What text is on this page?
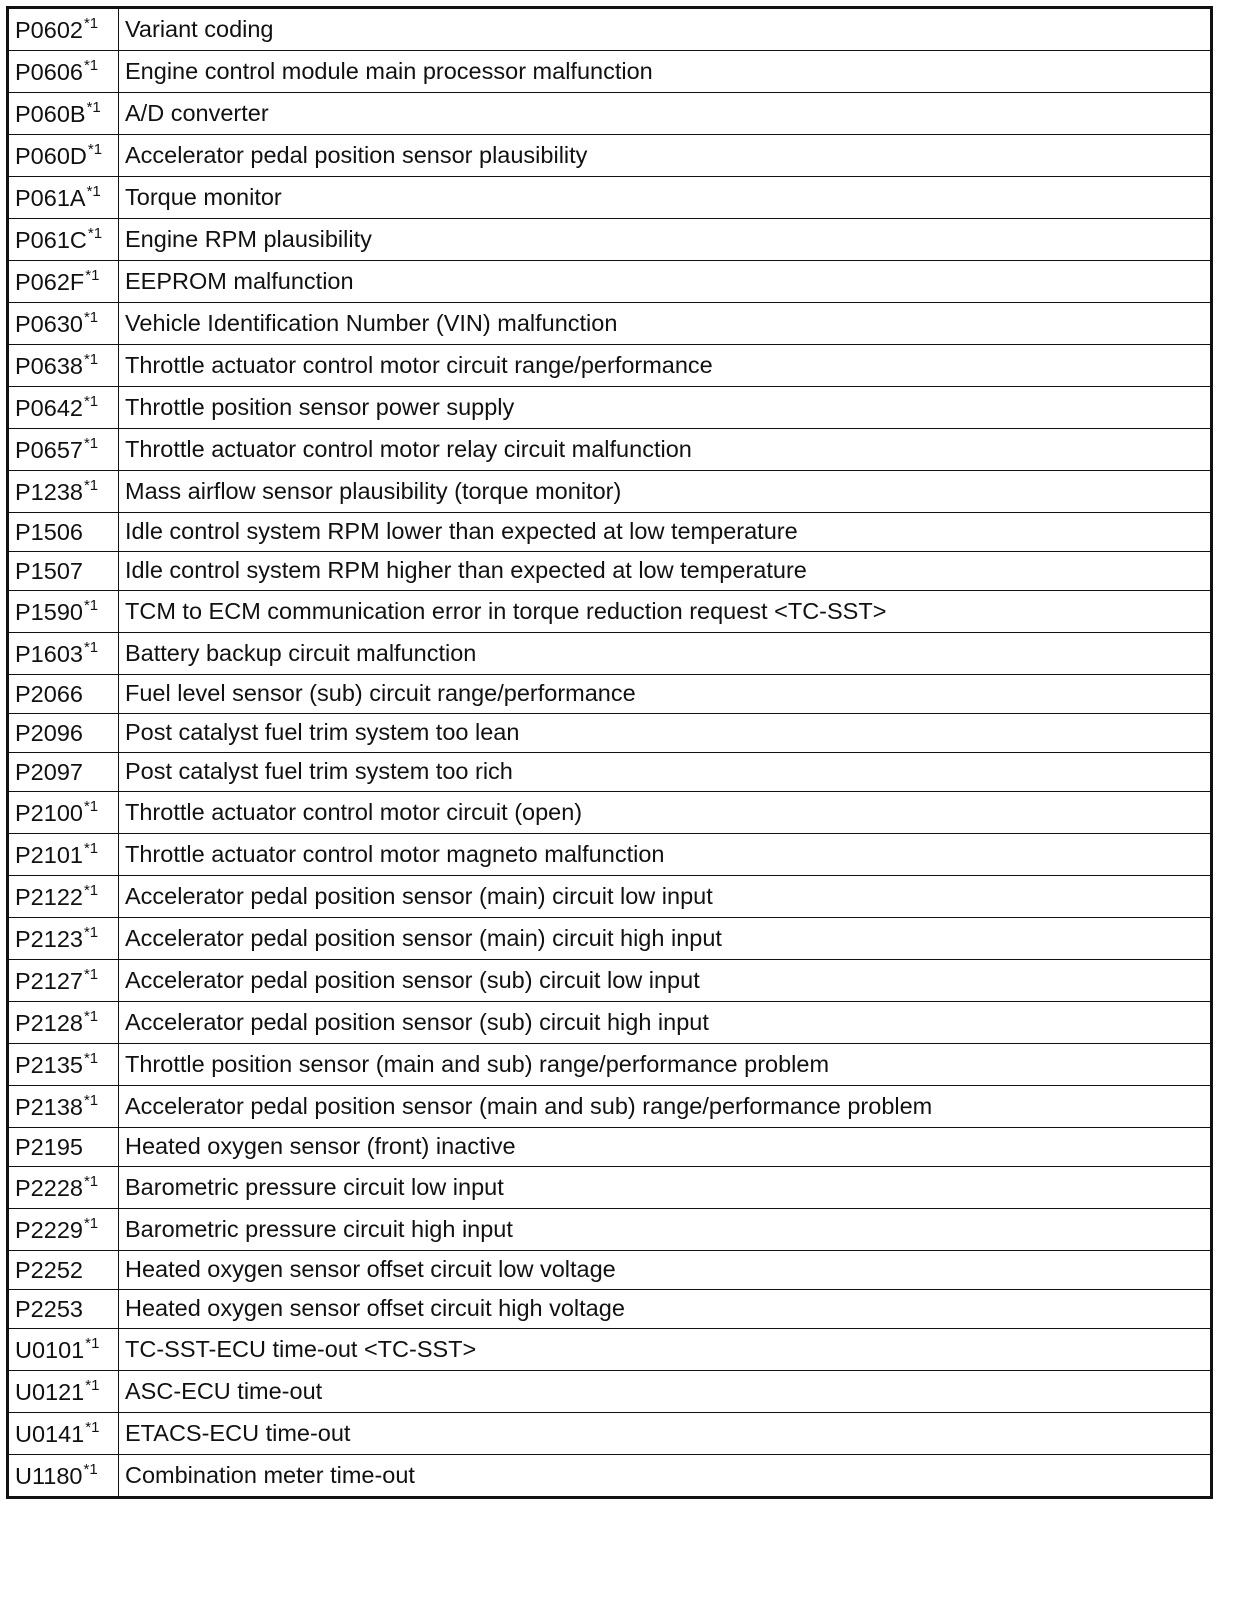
P0602$^{*1}$	Variant coding
P0606$^{*1}$	Engine control module main processor malfunction
$P060B^{*1}$	A/D converter
$P060D^{*1}$	Accelerator pedal position sensor plausibility
$P061A^{*1}$	Torque monitor
$P061C^{*1}$	Engine RPM plausibility
$P062F^{*1}$	EEPROM malfunction
P0630$^{*1}$	Vehicle Identification Number (VIN) malfunction
P0638$^{*1}$	Throttle actuator control motor circuit range/performance
P0642$^{*1}$	Throttle position sensor power supply
P0657$^{*1}$	Throttle actuator control motor relay circuit malfunction
P1238$^{*1}$	Mass airflow sensor plausibility (torque monitor)
P1506	Idle control system RPM lower than expected at low temperature
P1507	Idle control system RPM higher than expected at low temperature
P1590$^{*1}$	TCM to ECM communication error in torque reduction request <TC-SST>
$P1603^{*1}$	Battery backup circuit malfunction
P2066	Fuel level sensor (sub) circuit range/performance
P2096	Post catalyst fuel trim system too lean
P2097	Post catalyst fuel trim system too rich
P2100$^{*1}$	Throttle actuator control motor circuit (open)
P2101$^{*1}$	Throttle actuator control motor magneto malfunction
P2122$^{*1}$	Accelerator pedal position sensor (main) circuit low input
P2123$^{*1}$	Accelerator pedal position sensor (main) circuit high input
P2127$^{*1}$	Accelerator pedal position sensor (sub) circuit low input
P2128$^{*1}$	Accelerator pedal position sensor (sub) circuit high input
P2135$^{*1}$	Throttle position sensor (main and sub) range/performance problem
P2138$^{*1}$	Accelerator pedal position sensor (main and sub) range/performance problem
P2195	Heated oxygen sensor (front) inactive
P2228$^{*1}$	Barometric pressure circuit low input
P2229$^{*1}$	Barometric pressure circuit high input
P2252	Heated oxygen sensor offset circuit low voltage
P2253	Heated oxygen sensor offset circuit high voltage
U0101$^{*1}$	TC-SST-ECU time-out <TC-SST>
$U0121^{*1}$	ASC-ECU time-out
U0141$^{*1}$	ETACS-ECU time-out
U1180$^{*1}$	Combination meter time-out
